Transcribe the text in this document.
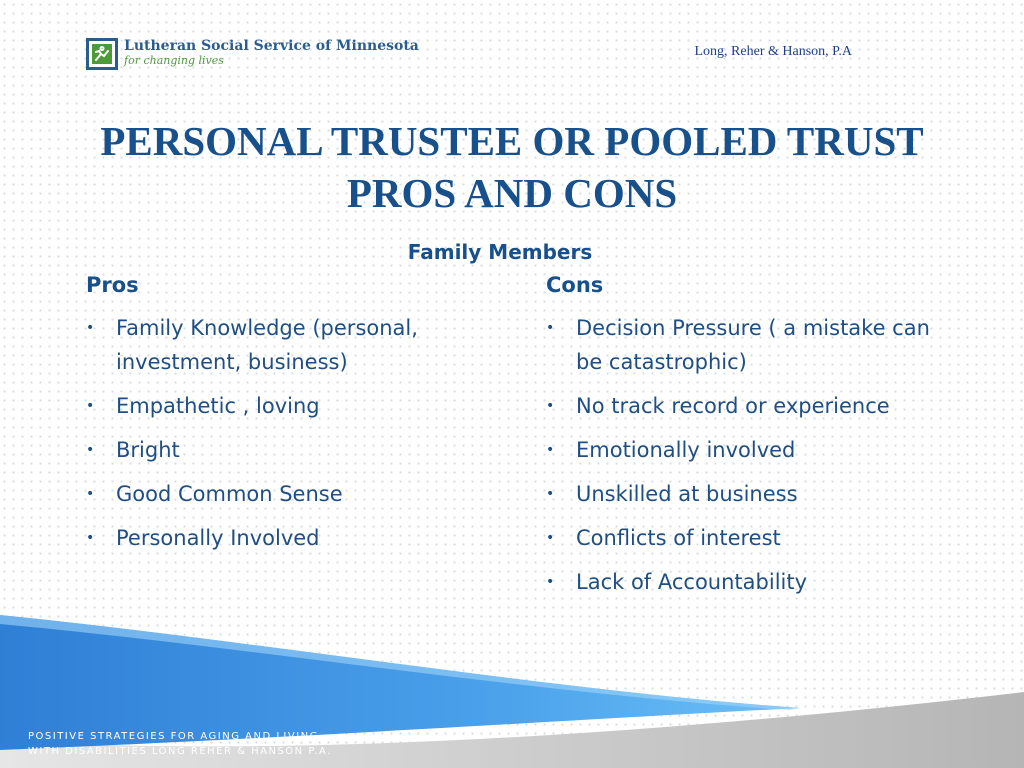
Lutheran Social Service of Minnesota
for changing lives
Long, Reher & Hanson, P.A
PERSONAL TRUSTEE OR POOLED TRUST
PROS AND CONS
Family Members
Pros
• Family Knowledge (personal, investment, business)
• Empathetic , loving
• Bright
• Good Common Sense
• Personally Involved
Cons
• Decision Pressure ( a mistake can be catastrophic)
• No track record or experience
• Emotionally involved
• Unskilled at business
• Conflicts of interest
• Lack of Accountability
POSITIVE STRATEGIES FOR AGING AND LIVING
WITH DISABILITIES LONG REHER & HANSON P.A.
